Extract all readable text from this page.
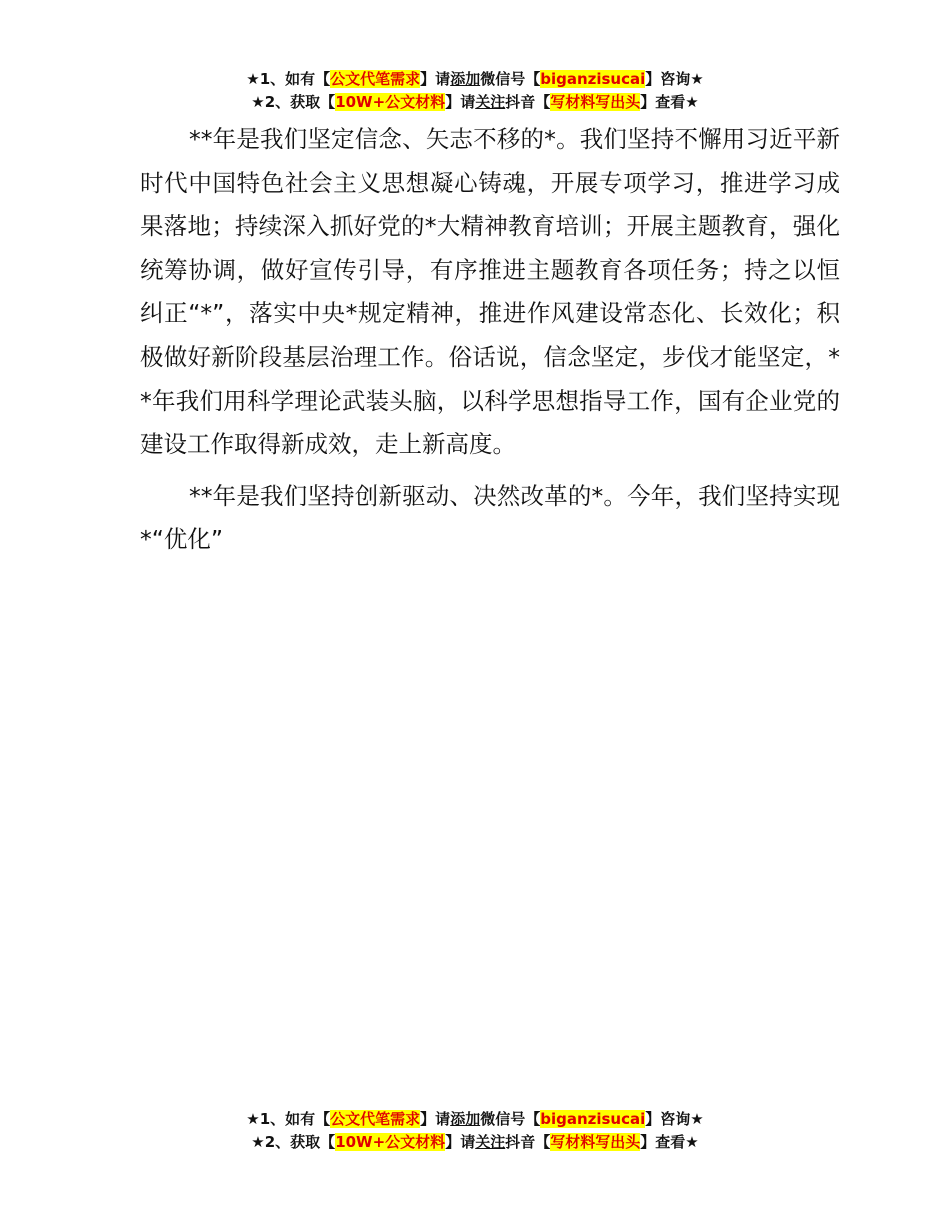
★1、如有【公文代笔需求】请添加微信号【biganzisucai】咨询★
★2、获取【10W+公文材料】请关注抖音【写材料写出头】查看★

**年是我们坚定信念、矢志不移的*。我们坚持不懈用习近平新时代中国特色社会主义思想凝心铸魂，开展专项学习，推进学习成果落地；持续深入抓好党的*大精神教育培训；开展主题教育，强化统筹协调，做好宣传引导，有序推进主题教育各项任务；持之以恒纠正“*”，落实中央*规定精神，推进作风建设常态化、长效化；积极做好新阶段基层治理工作。俗话说，信念坚定，步伐才能坚定，**年我们用科学理论武装头脑，以科学思想指导工作，国有企业党的建设工作取得新成效，走上新高度。

**年是我们坚持创新驱动、决然改革的*。今年，我们坚持实现*“优化”

★1、如有【公文代笔需求】请添加微信号【biganzisucai】咨询★
★2、获取【10W+公文材料】请关注抖音【写材料写出头】查看★
